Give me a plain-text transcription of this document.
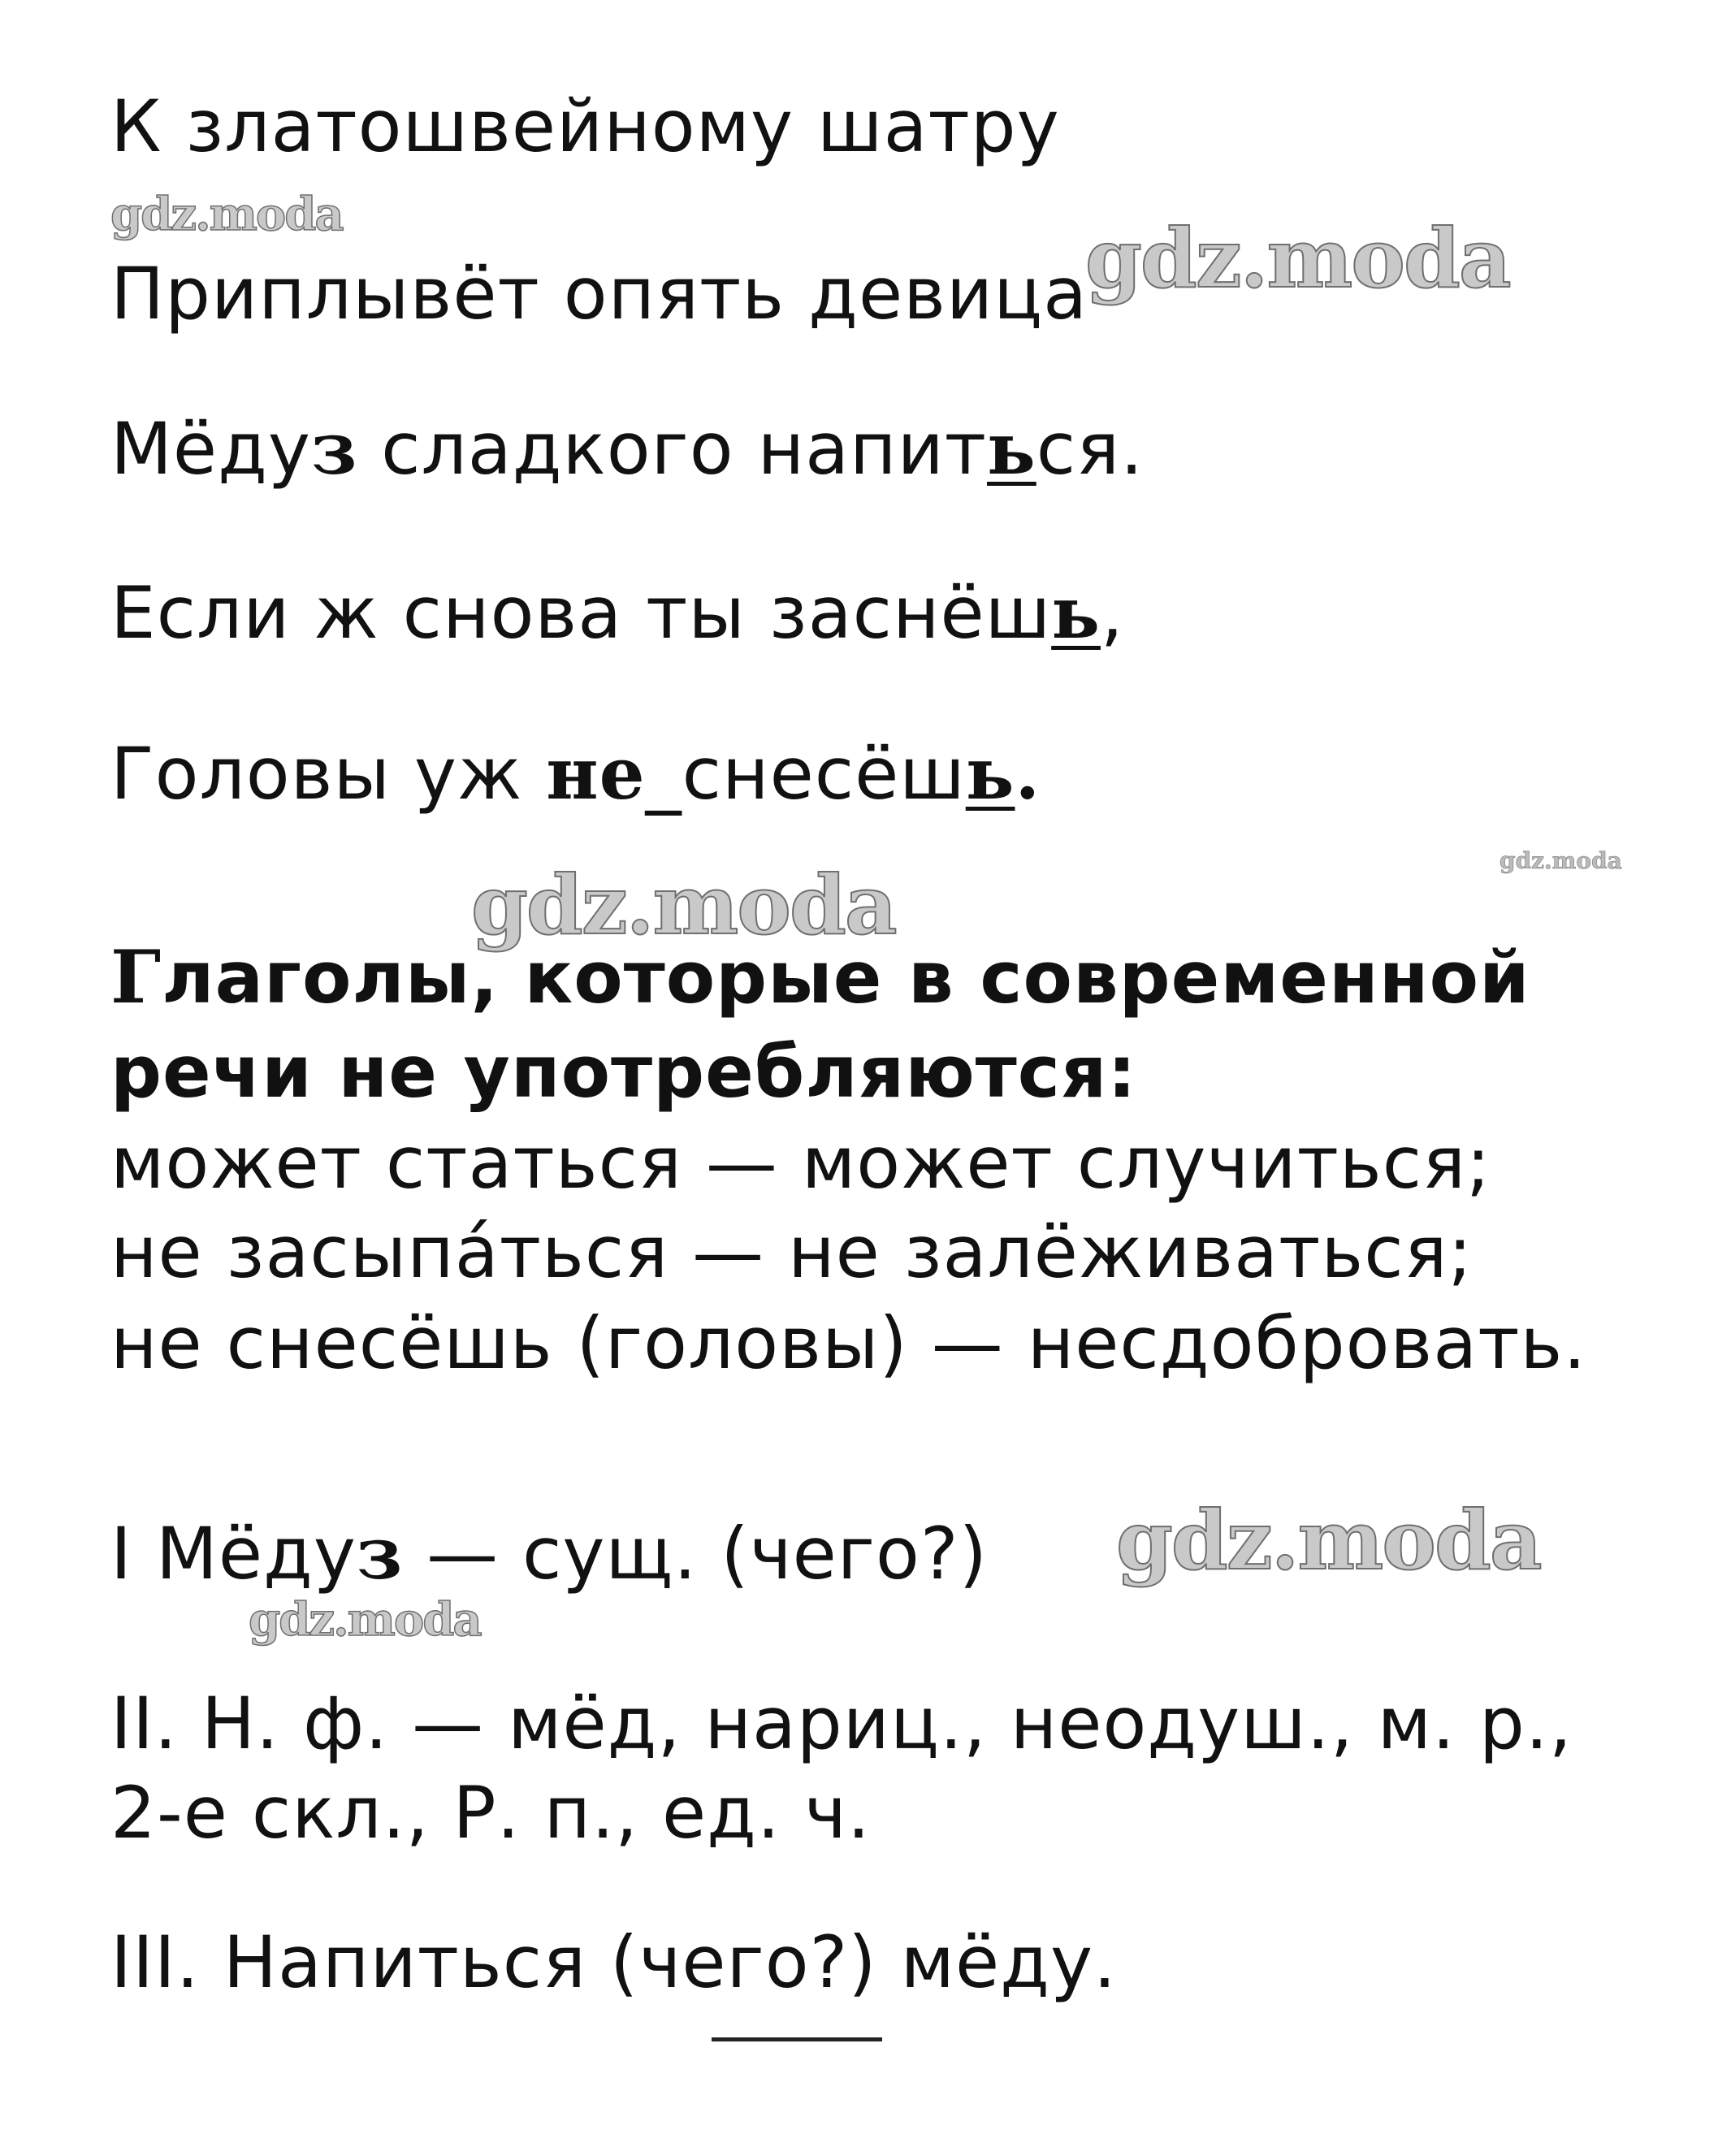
К златошвейному шатру
Приплывёт опять девица
Мёдуз сладкого напиться.
Если ж снова ты заснёшь,
Головы уж не_снесёшь.
Глаголы, которые в современной
речи не употребляются:
может статься — может случиться;
не засыпáться — не залёживаться;
не снесёшь (головы) — несдобровать.
I Мёдуз — сущ. (чего?)
II. Н. ф. — мёд, нариц., неодуш., м. р.,
2-е скл., Р. п., ед. ч.
III. Напиться (чего?) мёду.
gdz.moda	gdz.moda
gdz.moda
gdz.moda
gdz.moda
gdz.moda
